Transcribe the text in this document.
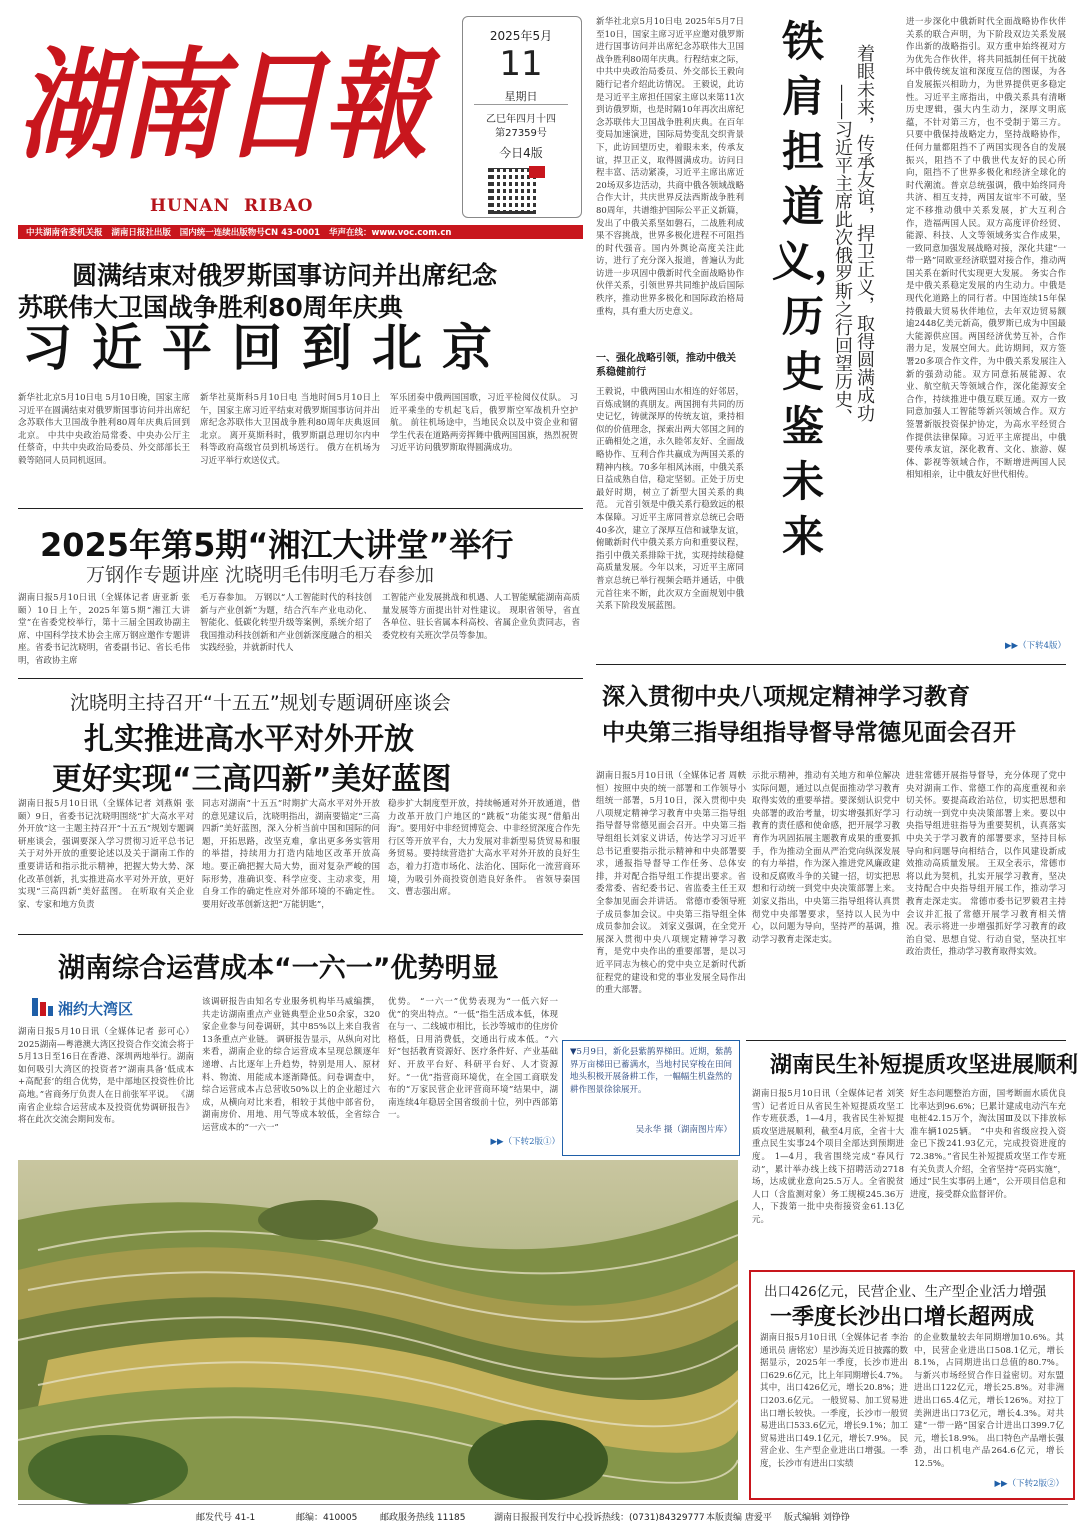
湖南日報
HUNAN  RIBAO
2025年5月
11
星期日
乙巳年四月十四
第27359号
今日4版
中共湖南省委机关报   湖南日报社出版   国内统一连续出版物号CN 43-0001   华声在线：www.voc.com.cn
圆满结束对俄罗斯国事访问并出席纪念
苏联伟大卫国战争胜利80周年庆典
习近平回到北京
新华社北京5月10日电 5月10日晚，国家主席习近平在圆满结束对俄罗斯国事访问并出席纪念苏联伟大卫国战争胜利80周年庆典后回到北京。 中共中央政治局常委、中央办公厅主任蔡奇，中共中央政治局委员、外交部部长王毅等陪同人员同机返回。
新华社莫斯科5月10日电 当地时间5月10日上午，国家主席习近平结束对俄罗斯国事访问并出席纪念苏联伟大卫国战争胜利80周年庆典返回北京。 离开莫斯科时，俄罗斯副总理切尔内申科等政府高级官员到机场送行。 俄方在机场为习近平举行欢送仪式。
军乐团奏中俄两国国歌，习近平检阅仪仗队。 习近平乘坐的专机起飞后，俄罗斯空军战机升空护航。 前往机场途中，当地民众以及中资企业和留学生代表在道路两旁挥舞中俄两国国旗，热烈祝贺习近平访问俄罗斯取得圆满成功。
2025年第5期“湘江大讲堂”举行
万钢作专题讲座 沈晓明毛伟明毛万春参加
湖南日报5月10日讯（全媒体记者 唐亚新 张颐）10日上午，2025年第5期“湘江大讲堂”在省委党校举行，第十三届全国政协副主席、中国科学技术协会主席万钢应邀作专题讲座。省委书记沈晓明，省委副书记、省长毛伟明，省政协主席
毛万春参加。 万钢以“人工智能时代的科技创新与产业创新”为题，结合汽车产业电动化、智能化、低碳化转型升级等案例，系统介绍了我国推动科技创新和产业创新深度融合的相关实践经验，并就新时代人
工智能产业发展挑战和机遇、人工智能赋能湖南高质量发展等方面提出针对性建议。 现职省领导，省直各单位、驻长省属本科高校、省属企业负责同志，省委党校有关班次学员等参加。
沈晓明主持召开“十五五”规划专题调研座谈会
扎实推进高水平对外开放
更好实现“三高四新”美好蓝图
湖南日报5月10日讯（全媒体记者 刘燕娟 张颐）9日，省委书记沈晓明围绕“扩大高水平对外开放”这一主题主持召开“十五五”规划专题调研座谈会，强调要深入学习贯彻习近平总书记关于对外开放的重要论述以及关于湖南工作的重要讲话和指示批示精神，把握大势大势、深化改革创新，扎实推进高水平对外开放，更好实现“三高四新”美好蓝图。 在听取有关企业家、专家和地方负责
同志对湖南“十五五”时期扩大高水平对外开放的意见建议后，沈晓明指出，湖南要锚定“三高四新”美好蓝图，深入分析当前中国和国际的问题，开拓思路，改坚克难，拿出更多务实管用的举措，持续用力打造内陆地区改革开放高地。要正确把握大局大势，面对复杂严峻的国际形势，准确识变、科学应变、主动求变，用自身工作的确定性应对外部环境的不确定性。要用好改革创新这把“万能钥匙”，
稳步扩大制度型开放，持续畅通对外开放通道，借力改革开放门户地区的“跳板”功能实现“借船出海”。要用好中非经贸博览会、中非经贸深度合作先行区等开放平台，大力发展对非新型易货贸易和服务贸易。要持续营造扩大高水平对外开放的良好生态，着力打造市场化、法治化、国际化一流营商环境，为吸引外商投资创造良好条件。 省领导秦国文、曹志强出席。
湖南综合运营成本“一六一”优势明显
湘约大湾区
湖南日报5月10日讯（全媒体记者 彭可心）2025湖南—粤港澳大湾区投资合作交流会将于5月13日至16日在香港、深圳两地举行。湖南如何吸引大湾区的投资者?“湖南具备‘低成本+高配套’的组合优势，是中部地区投资性价比高地。”省商务厅负责人在日前张军平说。 《湖南省企业综合运营成本及投资优势调研报告》将在此次交流会期间发布。
该调研报告由知名专业服务机构毕马威编撰，共走访湖南重点产业链典型企业50余家，320家企业参与问卷调研，其中85%以上来自我省13条重点产业链。 调研报告显示，从纵向对比来看，湖南企业的综合运营成本呈现总额逐年递增、占比逐年上升趋势，特别是用人、原材料、物流、用能成本逐渐降低。问卷调查中，综合运营成本占总营收50%以上的企业超过六成，从横向对比来看，相较于其他中部省份，湖南房价、用地、用气等成本较低，全省综合运营成本的“一六一”
优势。 “一六一”优势表现为“一低六好一优”的突出特点。“一低”指生活成本低，体现在与一、二线城市相比，长沙等城市的住房价格低，日用消费低，交通出行成本低。“六好”包括教育资源好、医疗条件好、产业基础好、开放平台好、科研平台好、人才资源好。“一优”指营商环境优，在全国工商联发布的“万家民营企业评营商环境”结果中，湖南连续4年稳居全国省级前十位，列中西部第一。
▼5月9日，新化县紫鹊界梯田。近期，紫鹊界万亩梯田已蓄满水，当地村民穿梭在田间地头积极开展备耕工作，一幅幅生机盎然的耕作图景徐徐展开。
吴永华 摄（湖南图片库）
▶▶（下转2版①）
新华社北京5月10日电 2025年5月7日至10日，国家主席习近平应邀对俄罗斯进行国事访问并出席纪念苏联伟大卫国战争胜利80周年庆典。行程结束之际，中共中央政治局委员、外交部长王毅向随行记者介绍此访情况。 王毅说，此访是习近平主席担任国家主席以来第11次到访俄罗斯，也是时隔10年再次出席纪念苏联伟大卫国战争胜利庆典。在百年变局加速演进，国际局势变乱交织背景下，此访回望历史，着眼未来，传承友谊，捍卫正义，取得圆满成功。访问日程丰富、活动紧凑，习近平主席出席近20场双多边活动，共商中俄各领域战略合作大计，共庆世界反法西斯战争胜利80周年，共谱维护国际公平正义新篇，发出了中俄关系坚如磐石，二战胜利成果不容挑战，世界多极化进程不可阻挡的时代强音。国内外舆论高度关注此访，进行了充分深入报道，普遍认为此访进一步巩固中俄新时代全面战略协作伙伴关系，引领世界共同维护战后国际秩序，推动世界多极化和国际政治格局重构，具有重大历史意义。
一、强化战略引领，推动中俄关系稳健前行
王毅说，中俄两国山水相连的好邻居，百炼成钢的真朋友。两国拥有共同的历史记忆，铸就深厚的传统友谊，秉持相似的价值理念，探索出两大邻国之间的正确相处之道，永久睦邻友好、全面战略协作、互利合作共赢成为两国关系的精神内核。70多年相风沐雨，中俄关系日益成熟自信，稳定坚韧。正处于历史最好时期，树立了新型大国关系的典范。 元首引领是中俄关系行稳致远的根本保障。习近平主席同普京总统已会晤40多次，建立了深厚互信和诚挚友谊，俯瞰新时代中俄关系方向和重要议程，指引中俄关系排除干扰，实现持续稳健高质量发展。今年以来，习近平主席同普京总统已举行视频会晤并通话，中俄元首往来不断，此次双方全面规划中俄关系下阶段发展蓝图。
铁
肩
担
道
义，
历
史
鉴
未
来
着眼未来，传承友谊，捍卫正义，取得圆满成功
——习近平主席此次俄罗斯之行回望历史、
进一步深化中俄新时代全面战略协作伙伴关系的联合声明，为下阶段双边关系发展作出新的战略指引。双方重申始终视对方为优先合作伙伴，将共同抵制任何干扰破坏中俄传统友谊和深度互信的图谋，为各自发展振兴相助力，为世界提供更多稳定性。习近平主席指出，中俄关系具有清晰历史逻辑，强大内生动力，深厚文明底蕴，不针对第三方，也不受制于第三方。只要中俄保持战略定力，坚持战略协作，任何力量都阻挡不了两国实现各自的发展振兴，阻挡不了中俄世代友好的民心所向，阻挡不了世界多极化和经济全球化的时代潮流。普京总统强调，俄中始终同舟共济、相互支持，两国友谊牢不可破，坚定不移推动俄中关系发展，扩大互利合作，造福两国人民。双方高度评价经贸、能源、科技、人文等领域务实合作成果，一致同意加强发展战略对接，深化共建“一带一路”同欧亚经济联盟对接合作，推动两国关系在新时代实现更大发展。 务实合作是中俄关系稳定发展的内生动力。中俄是现代化道路上的同行者。中国连续15年保持俄最大贸易伙伴地位，去年双边贸易额逾2448亿美元新高，俄罗斯已成为中国最大能源供应国。两国经济优势互补，合作潜力足，发展空间大。此访期间，双方签署20多项合作文件，为中俄关系发展注入新的强劲动能。双方同意拓展能源、农业、航空航天等领域合作，深化能源安全合作，持续推进中俄互联互通。双方一致同意加强人工智能等新兴领域合作。双方签署新版投资保护协定，为高水平经贸合作提供法律保障。习近平主席提出，中俄要传承友谊，深化教育、文化、旅游、媒体、影视等领域合作，不断增进两国人民相知相亲，让中俄友好世代相传。
▶▶（下转4版）
深入贯彻中央八项规定精神学习教育
中央第三指导组指导督导常德见面会召开
湖南日报5月10日讯（全媒体记者 周帙恒）按照中央的统一部署和工作领导小组统一部署，5月10日，深入贯彻中央八项规定精神学习教育中央第三指导组指导督导常德见面会召开。中央第三指导组组长刘家义讲话，传达学习习近平总书记重要指示批示精神和中央部署要求，通报指导督导工作任务、总体安排，并对配合指导组工作提出要求。省委常委、省纪委书记、省监委主任王双全参加见面会并讲话。 常德市委领导班子成员参加会议。中央第三指导组全体成员参加会议。 刘家义强调，在全党开展深入贯彻中央八项规定精神学习教育，是党中央作出的重要部署，是以习近平同志为核心的党中央立足新时代新征程党的建设和党的事业发展全局作出的重大部署。
示批示精神，推动有关地方和单位解决实际问题，通过以点促面推动学习教育取得实效的重要举措。要深刻认识党中央部署的政治考量，切实增强抓好学习教育的责任感和使命感，把开展学习教育作为巩固拓展主题教育成果的重要抓手，作为推动全面从严治党向纵深发展的有力举措，作为深入推进党风廉政建设和反腐败斗争的关键一招，切实把思想和行动统一到党中央决策部署上来。 刘家义指出，中央第三指导组将认真贯彻党中央部署要求，坚持以人民为中心，以问题为导向，坚持严的基调，推动学习教育走深走实。
进驻常德开展指导督导，充分体现了党中央对湖南工作、常德工作的高度重视和亲切关怀。要提高政治站位，切实把思想和行动统一到党中央决策部署上来。要以中央指导组进驻指导为重要契机，认真落实中央关于学习教育的部署要求，坚持目标导向和问题导向相结合，以作风建设新成效推动高质量发展。 王双全表示，常德市将以此为契机，扎实开展学习教育，坚决支持配合中央指导组开展工作，推动学习教育走深走实。 常德市委书记罗毅君主持会议并汇报了常德开展学习教育相关情况。表示将进一步增强抓好学习教育的政治自觉、思想自觉、行动自觉，坚决扛牢政治责任，推动学习教育取得实效。
湖南民生补短提质攻坚进展顺利
湖南日报5月10日讯（全媒体记者 刘笑雪）记者近日从省民生补短提质攻坚工作专班获悉，1—4月，我省民生补短提质攻坚进展顺利，截至4月底，全省十大重点民生实事24个项目全部达到预期进度。 1—4月，我省围绕完成“春风行动”，累计举办线上线下招聘活动2718场，达成就业意向25.5万人。全省脱贫人口（含监测对象）务工规模245.36万人，下拨第一批中央衔接资金61.13亿元。
好生态问题整治方面，国考断面水质优良比率达到96.6%；巳累计建成电动汽车充电桩42.15万个，淘汰国Ⅲ及以下排放标准车辆1025辆。 “中央和省级应投入资金已下拨241.93亿元，完成投资进度的72.38%。”省民生补短提质攻坚工作专班有关负责人介绍，全省坚持“亮码实施”，通过“民生实事码上通”，公开项目信息和进度，接受群众监督评价。
出口426亿元，民营企业、生产型企业活力增强
一季度长沙出口增长超两成
湖南日报5月10日讯（全媒体记者 李治 通讯员 唐铭宏）星沙海关近日披露的数据显示，2025年一季度，长沙市进出口629.6亿元，比上年同期增长4.7%。其中，出口426亿元，增长20.8%；进口203.6亿元。 一般贸易、加工贸易进出口增长较快。一季度，长沙市一般贸易进出口533.6亿元，增长9.1%；加工贸易进出口49.1亿元，增长7.9%。 民营企业、生产型企业进出口增强。一季度，长沙市有进出口实绩
的企业数量较去年同期增加10.6%。其中，民营企业进出口508.1亿元，增长8.1%，占同期进出口总值的80.7%。 与新兴市场经贸合作日益密切。对东盟进出口122亿元，增长25.8%。对非洲进出口65.4亿元，增长126%。对拉丁美洲进出口73亿元，增长4.3%。对共建“一带一路”国家合计进出口399.7亿元，增长18.9%。 出口特色产品增长强劲，出口机电产品264.6亿元，增长12.5%。
▶▶（下转2版②）
邮发代号 41-1	邮编：410005	邮政服务热线 11185	湖南日报报刊发行中心投诉热线：(0731)84329777 本版责编 唐爱平 版式编辑 刘铮铮
